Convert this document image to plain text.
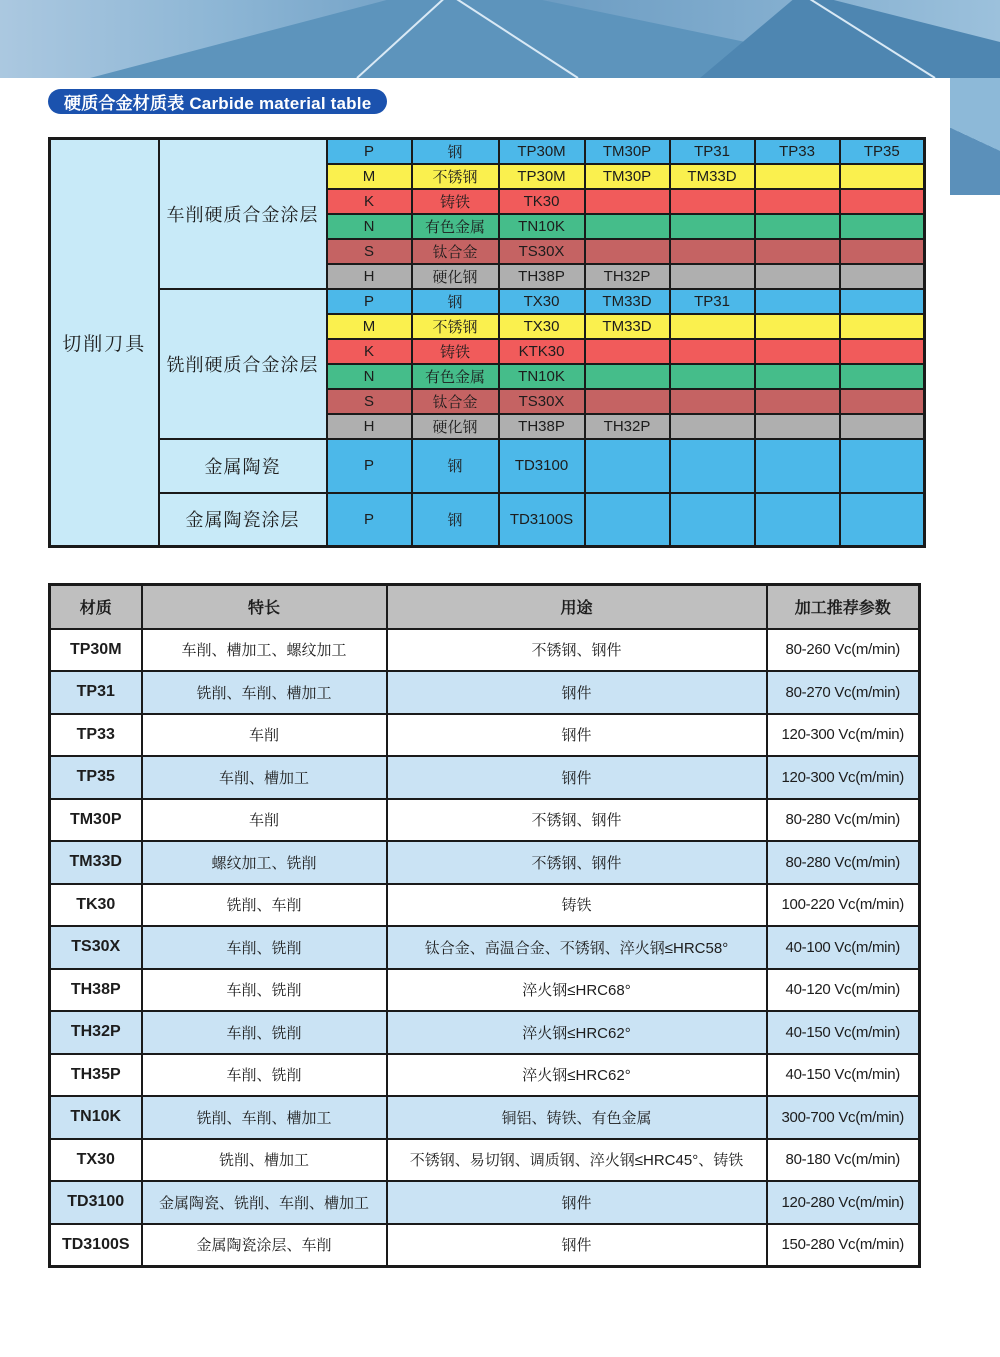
硬质合金材质表 Carbide material table
切削刀具	车削硬质合金涂层	P	钢	TP30M	TM30P	TP31	TP33	TP35
		M	不锈钢	TP30M	TM30P	TM33D		
		K	铸铁	TK30				
		N	有色金属	TN10K				
		S	钛合金	TS30X				
		H	硬化钢	TH38P	TH32P			
	铣削硬质合金涂层	P	钢	TX30	TM33D	TP31		
		M	不锈钢	TX30	TM33D			
		K	铸铁	KTK30				
		N	有色金属	TN10K				
		S	钛合金	TS30X				
		H	硬化钢	TH38P	TH32P			
	金属陶瓷	P	钢	TD3100				
	金属陶瓷涂层	P	钢	TD3100S				
材质	特长	用途	加工推荐参数
TP30M	车削、槽加工、螺纹加工	不锈钢、钢件	80-260 Vc(m/min)
TP31	铣削、车削、槽加工	钢件	80-270 Vc(m/min)
TP33	车削	钢件	120-300 Vc(m/min)
TP35	车削、槽加工	钢件	120-300 Vc(m/min)
TM30P	车削	不锈钢、钢件	80-280 Vc(m/min)
TM33D	螺纹加工、铣削	不锈钢、钢件	80-280 Vc(m/min)
TK30	铣削、车削	铸铁	100-220 Vc(m/min)
TS30X	车削、铣削	钛合金、高温合金、不锈钢、淬火钢≤HRC58°	40-100 Vc(m/min)
TH38P	车削、铣削	淬火钢≤HRC68°	40-120 Vc(m/min)
TH32P	车削、铣削	淬火钢≤HRC62°	40-150 Vc(m/min)
TH35P	车削、铣削	淬火钢≤HRC62°	40-150 Vc(m/min)
TN10K	铣削、车削、槽加工	铜铝、铸铁、有色金属	300-700 Vc(m/min)
TX30	铣削、槽加工	不锈钢、易切钢、调质钢、淬火钢≤HRC45°、铸铁	80-180 Vc(m/min)
TD3100	金属陶瓷、铣削、车削、槽加工	钢件	120-280 Vc(m/min)
TD3100S	金属陶瓷涂层、车削	钢件	150-280 Vc(m/min)
